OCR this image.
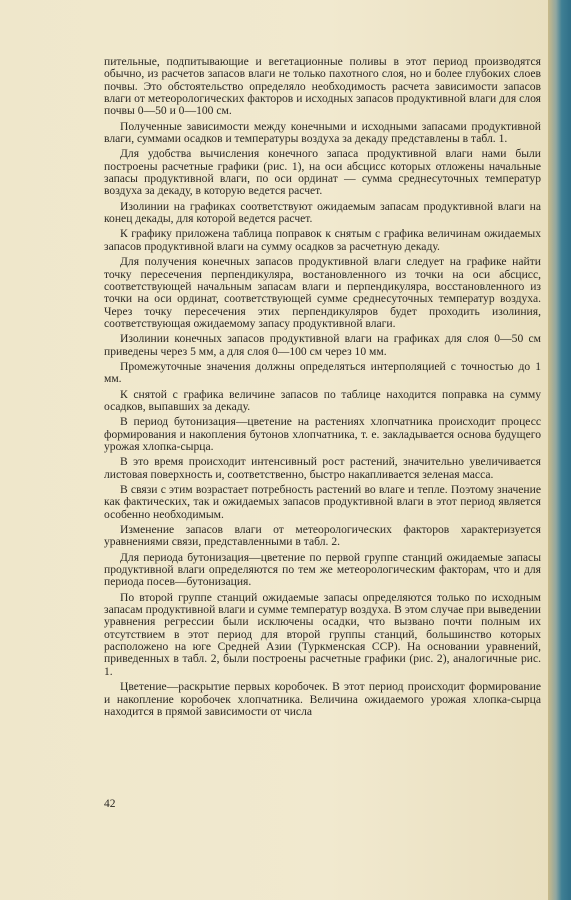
пительные, подпитывающие и вегетационные поливы в этот период производятся обычно, из расчетов запасов влаги не только пахотного слоя, но и более глубоких слоев почвы. Это обстоятельство определяло необходимость расчета зависимости запасов влаги от метеорологических факторов и исходных запасов продуктивной влаги для слоя почвы 0—50 и 0—100 см.

Полученные зависимости между конечными и исходными запасами продуктивной влаги, суммами осадков и температуры воздуха за декаду представлены в табл. 1.

Для удобства вычисления конечного запаса продуктивной влаги нами были построены расчетные графики (рис. 1), на оси абсцисс которых отложены начальные запасы продуктивной влаги, по оси ординат — сумма среднесуточных температур воздуха за декаду, в которую ведется расчет.

Изолинии на графиках соответствуют ожидаемым запасам продуктивной влаги на конец декады, для которой ведется расчет.

К графику приложена таблица поправок к снятым с графика величинам ожидаемых запасов продуктивной влаги на сумму осадков за расчетную декаду.

Для получения конечных запасов продуктивной влаги следует на графике найти точку пересечения перпендикуляра, востановленного из точки на оси абсцисс, соответствующей начальным запасам влаги и перпендикуляра, восстановленного из точки на оси ординат, соответствующей сумме среднесуточных температур воздуха. Через точку пересечения этих перпендикуляров будет проходить изолиния, соответствующая ожидаемому запасу продуктивной влаги.

Изолинии конечных запасов продуктивной влаги на графиках для слоя 0—50 см приведены через 5 мм, а для слоя 0—100 см через 10 мм.

Промежуточные значения должны определяться интерполяцией с точностью до 1 мм.

К снятой с графика величине запасов по таблице находится поправка на сумму осадков, выпавших за декаду.

В период бутонизация—цветение на растениях хлопчатника происходит процесс формирования и накопления бутонов хлопчатника, т. е. закладывается основа будущего урожая хлопка-сырца.

В это время происходит интенсивный рост растений, значительно увеличивается листовая поверхность и, соответственно, быстро накапливается зеленая масса.

В связи с этим возрастает потребность растений во влаге и тепле. Поэтому значение как фактических, так и ожидаемых запасов продуктивной влаги в этот период является особенно необходимым.

Изменение запасов влаги от метеорологических факторов характеризуется уравнениями связи, представленными в табл. 2.

Для периода бутонизация—цветение по первой группе станций ожидаемые запасы продуктивной влаги определяются по тем же метеорологическим факторам, что и для периода посев—бутонизация.

По второй группе станций ожидаемые запасы определяются только по исходным запасам продуктивной влаги и сумме температур воздуха. В этом случае при выведении уравнения регрессии были исключены осадки, что вызвано почти полным их отсутствием в этот период для второй группы станций, большинство которых расположено на юге Средней Азии (Туркменская ССР). На основании уравнений, приведенных в табл. 2, были построены расчетные графики (рис. 2), аналогичные рис. 1.

Цветение—раскрытие первых коробочек. В этот период происходит формирование и накопление коробочек хлопчатника. Величина ожидаемого урожая хлопка-сырца находится в прямой зависимости от числа

42
